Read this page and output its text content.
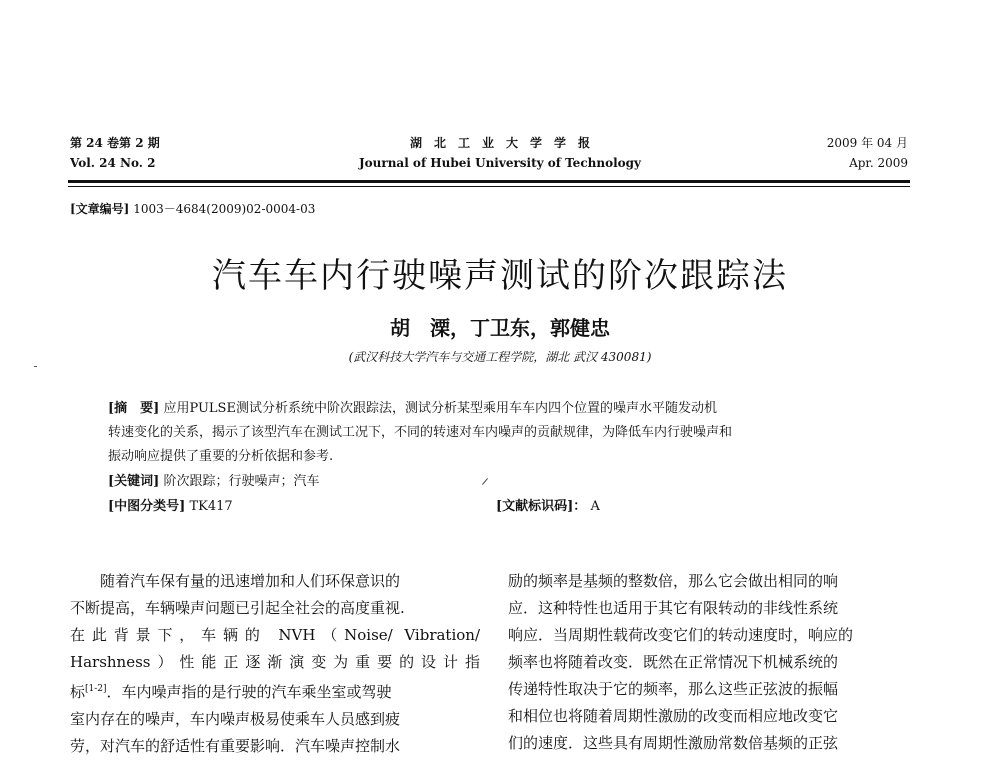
第 24 卷第 2 期
Vol. 24 No. 2
湖　北　工　业　大　学　学　报
Journal of Hubei University of Technology
2009 年 04 月
Apr. 2009
[文章编号] 1003－4684(2009)02-0004-03
汽车车内行驶噪声测试的阶次跟踪法
胡　溧，丁卫东，郭健忠
(武汉科技大学汽车与交通工程学院，湖北 武汉 430081)
[摘　要] 应用PULSE测试分析系统中阶次跟踪法，测试分析某型乘用车车内四个位置的噪声水平随发动机
转速变化的关系，揭示了该型汽车在测试工况下，不同的转速对车内噪声的贡献规律，为降低车内行驶噪声和
振动响应提供了重要的分析依据和参考.
[关键词] 阶次跟踪；行驶噪声；汽车
[中图分类号] TK417	[文献标识码]： A
　　随着汽车保有量的迅速增加和人们环保意识的
不断提高，车辆噪声问题已引起全社会的高度重视.
在此背景下，车辆的 NVH（Noise/ Vibration/
Harshness）性能正逐渐演变为重要的设计指
标[1-2]．车内噪声指的是行驶的汽车乘坐室或驾驶
室内存在的噪声，车内噪声极易使乘车人员感到疲
劳，对汽车的舒适性有重要影响．汽车噪声控制水
励的频率是基频的整数倍，那么它会做出相同的响
应．这种特性也适用于其它有限转动的非线性系统
响应．当周期性载荷改变它们的转动速度时，响应的
频率也将随着改变．既然在正常情况下机械系统的
传递特性取决于它的频率，那么这些正弦波的振幅
和相位也将随着周期性激励的改变而相应地改变它
们的速度．这些具有周期性激励常数倍基频的正弦
